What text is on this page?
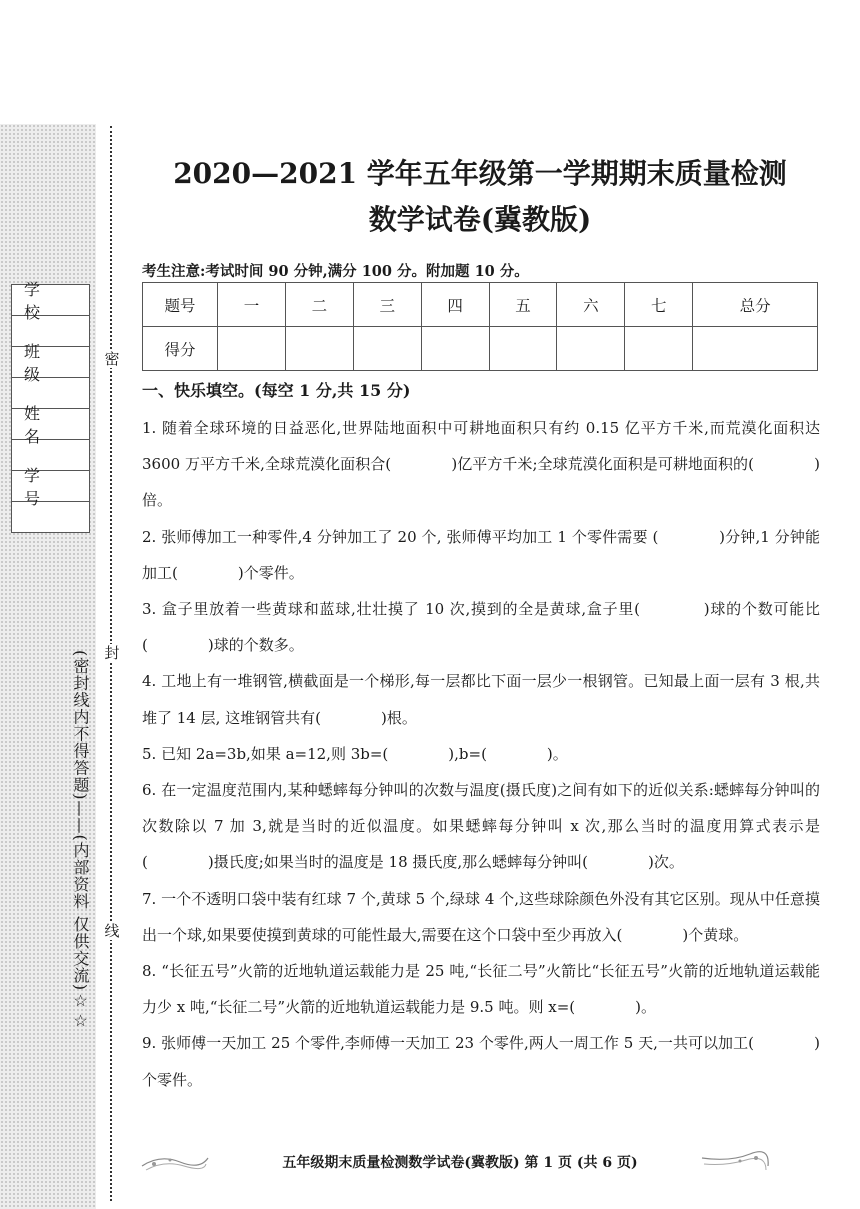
密
封
线
学 校
班 级
姓 名
学 号
(密封线内不得答题)——(内部资料 仅供交流)☆☆
2020—2021 学年五年级第一学期期末质量检测
数学试卷(冀教版)
考生注意:考试时间 90 分钟,满分 100 分。附加题 10 分。
题号	一	二	三	四	五	六	七	总分
得分								
一、快乐填空。(每空 1 分,共 15 分)

1. 随着全球环境的日益恶化,世界陆地面积中可耕地面积只有约 0.15 亿平方千米,而荒漠化面积达 3600 万平方千米,全球荒漠化面积合(　　　　)亿平方千米;全球荒漠化面积是可耕地面积的(　　　　)倍。

2. 张师傅加工一种零件,4 分钟加工了 20 个, 张师傅平均加工 1 个零件需要 (　　　　)分钟,1 分钟能加工(　　　　)个零件。

3. 盒子里放着一些黄球和蓝球,壮壮摸了 10 次,摸到的全是黄球,盒子里(　　　　)球的个数可能比(　　　　)球的个数多。

4. 工地上有一堆钢管,横截面是一个梯形,每一层都比下面一层少一根钢管。已知最上面一层有 3 根,共堆了 14 层, 这堆钢管共有(　　　　)根。

5. 已知 2a=3b,如果 a=12,则 3b=(　　　　),b=(　　　　)。

6. 在一定温度范围内,某种蟋蟀每分钟叫的次数与温度(摄氏度)之间有如下的近似关系:蟋蟀每分钟叫的次数除以 7 加 3,就是当时的近似温度。如果蟋蟀每分钟叫 x 次,那么当时的温度用算式表示是(　　　　)摄氏度;如果当时的温度是 18 摄氏度,那么蟋蟀每分钟叫(　　　　)次。

7. 一个不透明口袋中装有红球 7 个,黄球 5 个,绿球 4 个,这些球除颜色外没有其它区别。现从中任意摸出一个球,如果要使摸到黄球的可能性最大,需要在这个口袋中至少再放入(　　　　)个黄球。

8. “长征五号”火箭的近地轨道运载能力是 25 吨,“长征二号”火箭比“长征五号”火箭的近地轨道运载能力少 x 吨,“长征二号”火箭的近地轨道运载能力是 9.5 吨。则 x=(　　　　)。

9. 张师傅一天加工 25 个零件,李师傅一天加工 23 个零件,两人一周工作 5 天,一共可以加工(　　　　)个零件。

五年级期末质量检测数学试卷(冀教版) 第 1 页 (共 6 页)
